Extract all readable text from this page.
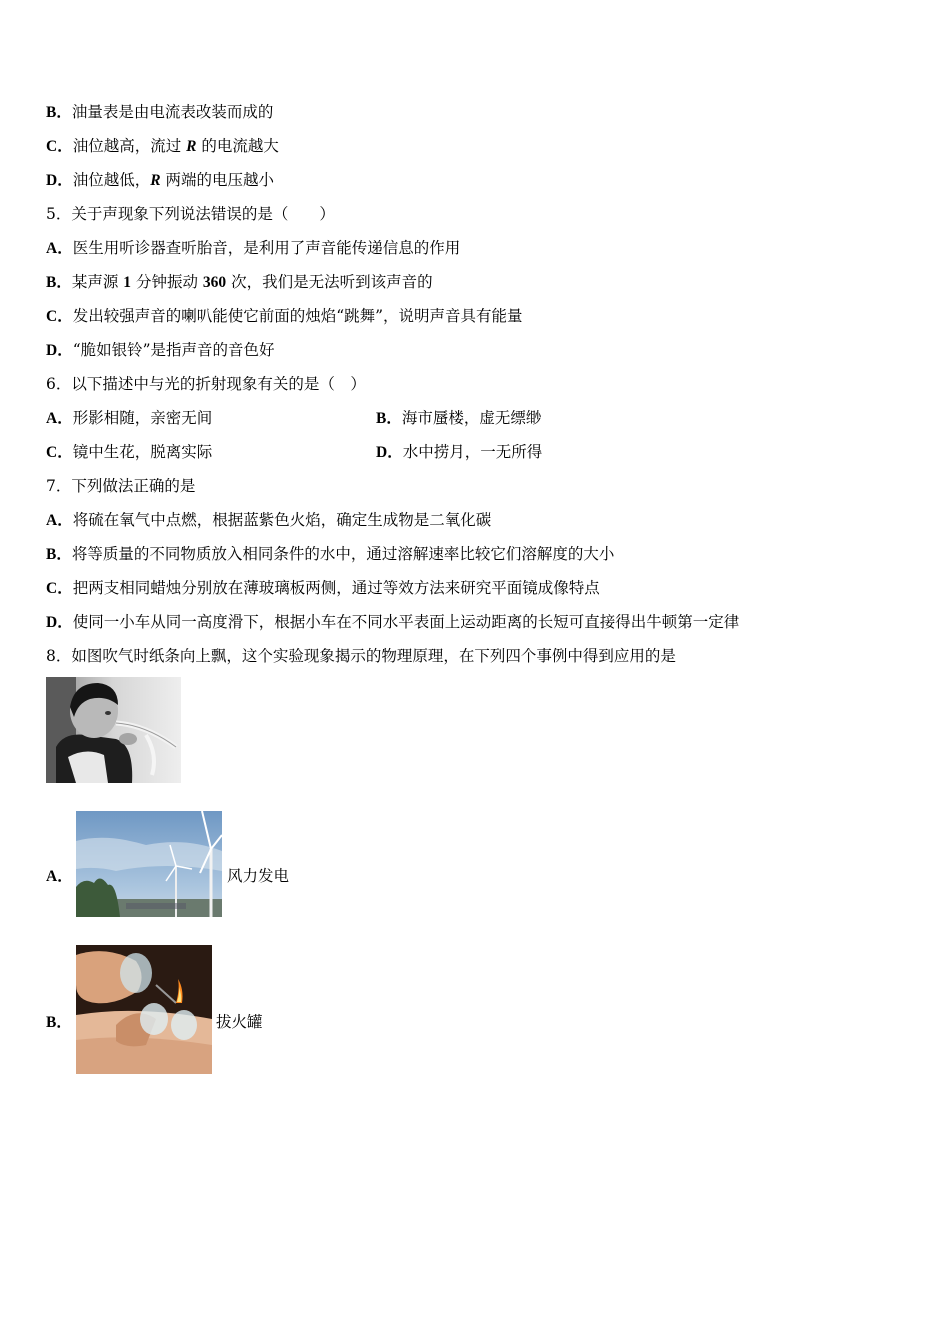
B．油量表是由电流表改装而成的
C．油位越高，流过 R 的电流越大
D．油位越低，R 两端的电压越小
5．关于声现象下列说法错误的是（　　）
A．医生用听诊器查听胎音，是利用了声音能传递信息的作用
B．某声源 1 分钟振动 360 次，我们是无法听到该声音的
C．发出较强声音的喇叭能使它前面的烛焰“跳舞”，说明声音具有能量
D．“脆如银铃”是指声音的音色好
6．以下描述中与光的折射现象有关的是（　）
A．形影相随，亲密无间	B．海市蜃楼，虚无缥缈
C．镜中生花，脱离实际	D．水中捞月，一无所得
7．下列做法正确的是
A．将硫在氧气中点燃，根据蓝紫色火焰，确定生成物是二氧化碳
B．将等质量的不同物质放入相同条件的水中，通过溶解速率比较它们溶解度的大小
C．把两支相同蜡烛分别放在薄玻璃板两侧，通过等效方法来研究平面镜成像特点
D．使同一小车从同一高度滑下，根据小车在不同水平表面上运动距离的长短可直接得出牛顿第一定律
8．如图吹气时纸条向上飘，这个实验现象揭示的物理原理，在下列四个事例中得到应用的是
A．	风力发电
B．	拔火罐
